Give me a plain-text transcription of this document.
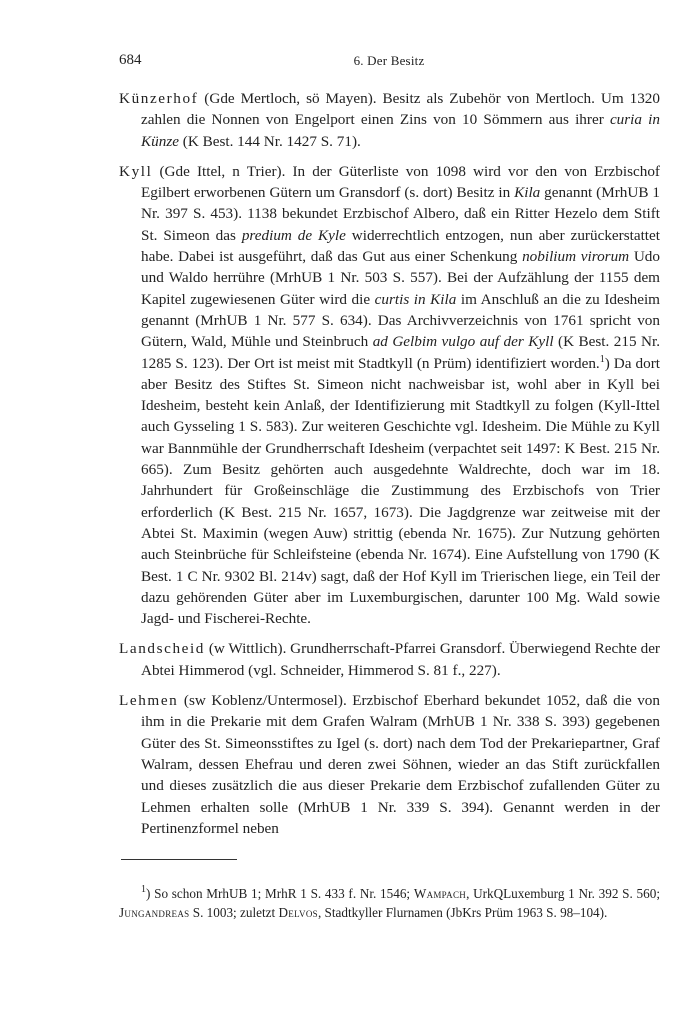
684	6. Der Besitz

Künzerhof (Gde Mertloch, sö Mayen). Besitz als Zubehör von Mertloch. Um 1320 zahlen die Nonnen von Engelport einen Zins von 10 Sömmern aus ihrer curia in Künze (K Best. 144 Nr. 1427 S. 71).

Kyll (Gde Ittel, n Trier). In der Güterliste von 1098 wird vor den von Erzbischof Egilbert erworbenen Gütern um Gransdorf (s. dort) Besitz in Kila genannt (MrhUB 1 Nr. 397 S. 453). 1138 bekundet Erzbischof Albero, daß ein Ritter Hezelo dem Stift St. Simeon das predium de Kyle widerrechtlich entzogen, nun aber zurückerstattet habe. Dabei ist ausgeführt, daß das Gut aus einer Schenkung nobilium virorum Udo und Waldo herrühre (MrhUB 1 Nr. 503 S. 557). Bei der Aufzählung der 1155 dem Kapitel zugewiesenen Güter wird die curtis in Kila im Anschluß an die zu Idesheim genannt (MrhUB 1 Nr. 577 S. 634). Das Archivverzeichnis von 1761 spricht von Gütern, Wald, Mühle und Steinbruch ad Gelbim vulgo auf der Kyll (K Best. 215 Nr. 1285 S. 123). Der Ort ist meist mit Stadtkyll (n Prüm) identifiziert worden.$^1$) Da dort aber Besitz des Stiftes St. Simeon nicht nachweisbar ist, wohl aber in Kyll bei Idesheim, besteht kein Anlaß, der Identifizierung mit Stadtkyll zu folgen (Kyll-Ittel auch Gysseling 1 S. 583). Zur weiteren Geschichte vgl. Idesheim. Die Mühle zu Kyll war Bannmühle der Grundherrschaft Idesheim (verpachtet seit 1497: K Best. 215 Nr. 665). Zum Besitz gehörten auch ausgedehnte Waldrechte, doch war im 18. Jahrhundert für Großeinschläge die Zustimmung des Erzbischofs von Trier erforderlich (K Best. 215 Nr. 1657, 1673). Die Jagdgrenze war zeitweise mit der Abtei St. Maximin (wegen Auw) strittig (ebenda Nr. 1675). Zur Nutzung gehörten auch Steinbrüche für Schleifsteine (ebenda Nr. 1674). Eine Aufstellung von 1790 (K Best. 1 C Nr. 9302 Bl. 214v) sagt, daß der Hof Kyll im Trierischen liege, ein Teil der dazu gehörenden Güter aber im Luxemburgischen, darunter 100 Mg. Wald sowie Jagd- und Fischerei-Rechte.

Landscheid (w Wittlich). Grundherrschaft-Pfarrei Gransdorf. Überwiegend Rechte der Abtei Himmerod (vgl. Schneider, Himmerod S. 81 f., 227).

Lehmen (sw Koblenz/Untermosel). Erzbischof Eberhard bekundet 1052, daß die von ihm in die Prekarie mit dem Grafen Walram (MrhUB 1 Nr. 338 S. 393) gegebenen Güter des St. Simeonsstiftes zu Igel (s. dort) nach dem Tod der Prekariepartner, Graf Walram, dessen Ehefrau und deren zwei Söhnen, wieder an das Stift zurückfallen und dieses zusätzlich die aus dieser Prekarie dem Erzbischof zufallenden Güter zu Lehmen erhalten solle (MrhUB 1 Nr. 339 S. 394). Genannt werden in der Pertinenzformel neben

$^1$) So schon MrhUB 1; MrhR 1 S. 433 f. Nr. 1546; Wampach, UrkQLuxemburg 1 Nr. 392 S. 560; Jungandreas S. 1003; zuletzt Delvos, Stadtkyller Flurnamen (JbKrs Prüm 1963 S. 98–104).
